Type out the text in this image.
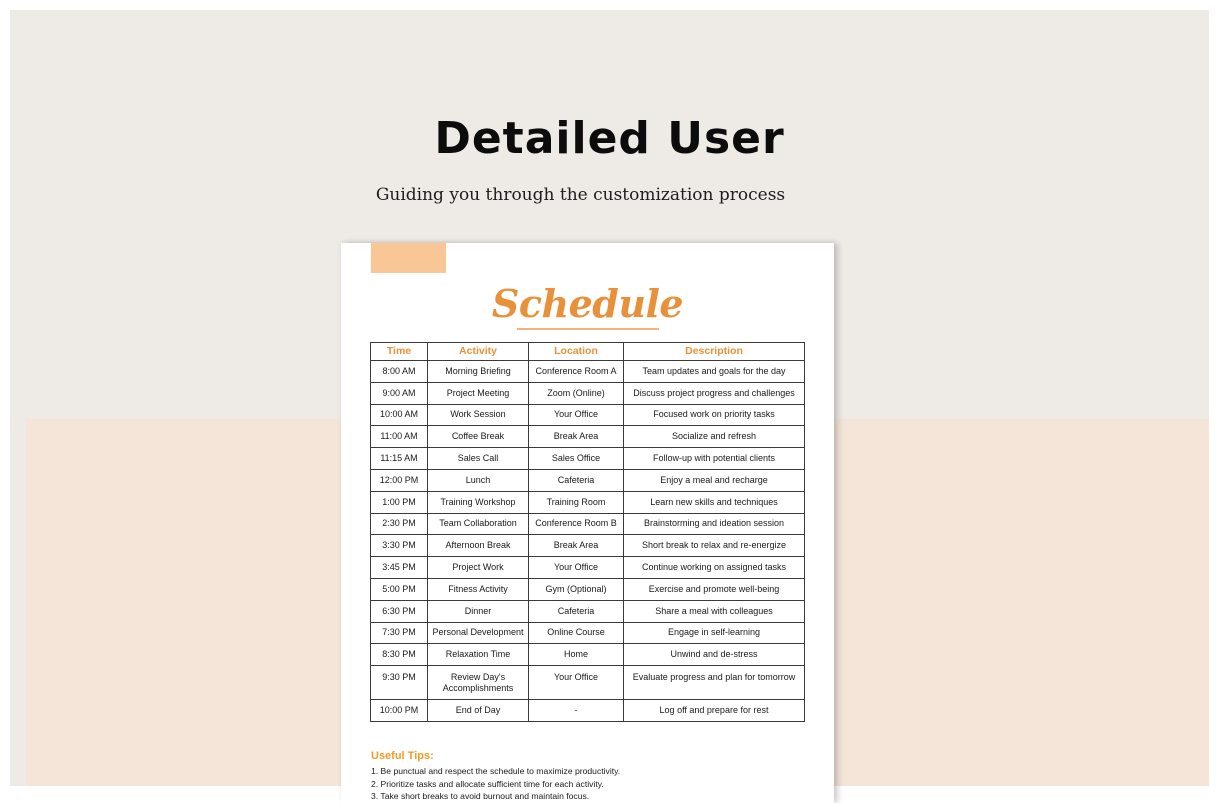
Detailed User

Guiding you through the customization process

Schedule
Time	Activity	Location	Description
8:00 AM	Morning Briefing	Conference Room A	Team updates and goals for the day
9:00 AM	Project Meeting	Zoom (Online)	Discuss project progress and challenges
10:00 AM	Work Session	Your Office	Focused work on priority tasks
11:00 AM	Coffee Break	Break Area	Socialize and refresh
11:15 AM	Sales Call	Sales Office	Follow-up with potential clients
12:00 PM	Lunch	Cafeteria	Enjoy a meal and recharge
1:00 PM	Training Workshop	Training Room	Learn new skills and techniques
2:30 PM	Team Collaboration	Conference Room B	Brainstorming and ideation session
3:30 PM	Afternoon Break	Break Area	Short break to relax and re-energize
3:45 PM	Project Work	Your Office	Continue working on assigned tasks
5:00 PM	Fitness Activity	Gym (Optional)	Exercise and promote well-being
6:30 PM	Dinner	Cafeteria	Share a meal with colleagues
7:30 PM	Personal Development	Online Course	Engage in self-learning
8:30 PM	Relaxation Time	Home	Unwind and de-stress
9:30 PM	Review Day's Accomplishments	Your Office	Evaluate progress and plan for tomorrow
10:00 PM	End of Day	-	Log off and prepare for rest
Useful Tips:
1. Be punctual and respect the schedule to maximize productivity.
2. Prioritize tasks and allocate sufficient time for each activity.
3. Take short breaks to avoid burnout and maintain focus.
